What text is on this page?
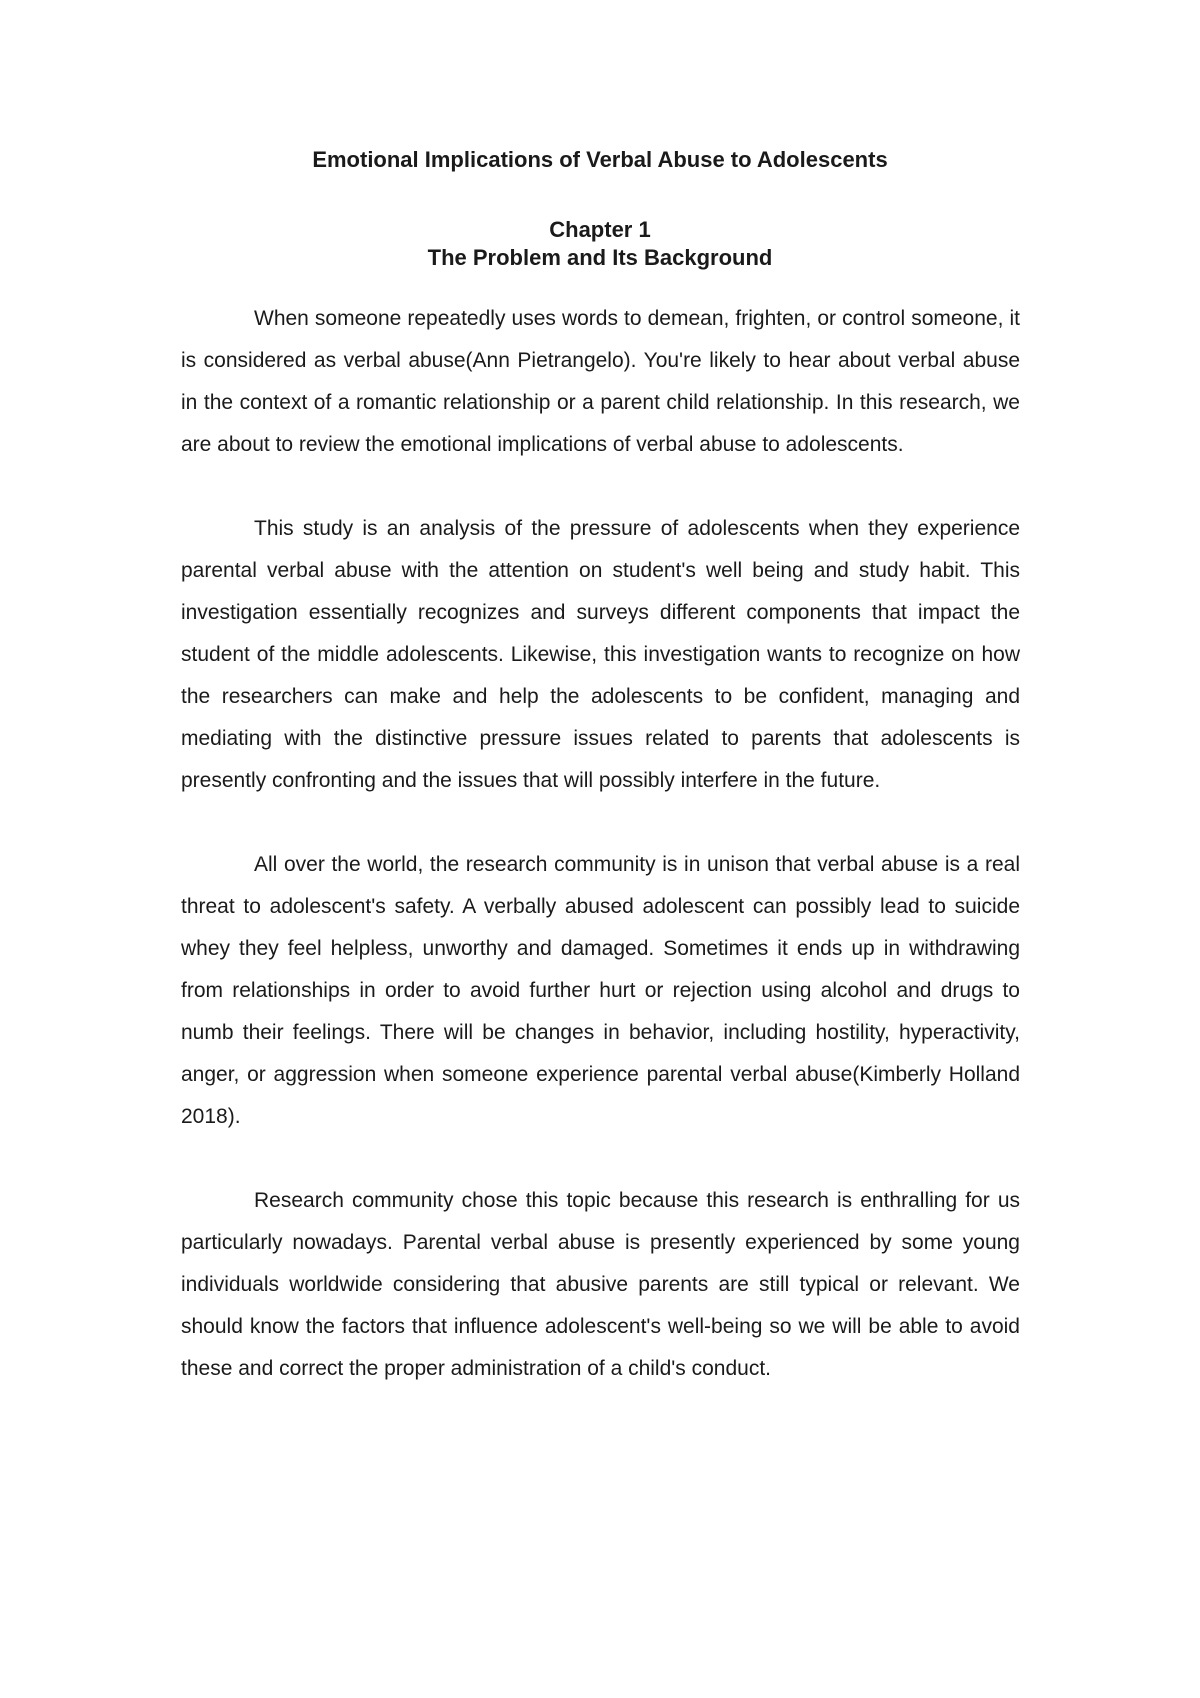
Emotional Implications of Verbal Abuse to Adolescents
Chapter 1
The Problem and Its Background

When someone repeatedly uses words to demean, frighten, or control someone, it is considered as verbal abuse(Ann Pietrangelo). You're likely to hear about verbal abuse in the context of a romantic relationship or a parent child relationship. In this research, we are about to review the emotional implications of verbal abuse to adolescents.

This study is an analysis of the pressure of adolescents when they experience parental verbal abuse with the attention on student's well being and study habit. This investigation essentially recognizes and surveys different components that impact the student of the middle adolescents. Likewise, this investigation wants to recognize on how the researchers can make and help the adolescents to be confident, managing and mediating with the distinctive pressure issues related to parents that adolescents is presently confronting and the issues that will possibly interfere in the future.

All over the world, the research community is in unison that verbal abuse is a real threat to adolescent's safety. A verbally abused adolescent can possibly lead to suicide whey they feel helpless, unworthy and damaged. Sometimes it ends up in withdrawing from relationships in order to avoid further hurt or rejection using alcohol and drugs to numb their feelings. There will be changes in behavior, including hostility, hyperactivity, anger, or aggression when someone experience parental verbal abuse(Kimberly Holland 2018).

Research community chose this topic because this research is enthralling for us particularly nowadays. Parental verbal abuse is presently experienced by some young individuals worldwide considering that abusive parents are still typical or relevant. We should know the factors that influence adolescent's well-being so we will be able to avoid these and correct the proper administration of a child's conduct.
